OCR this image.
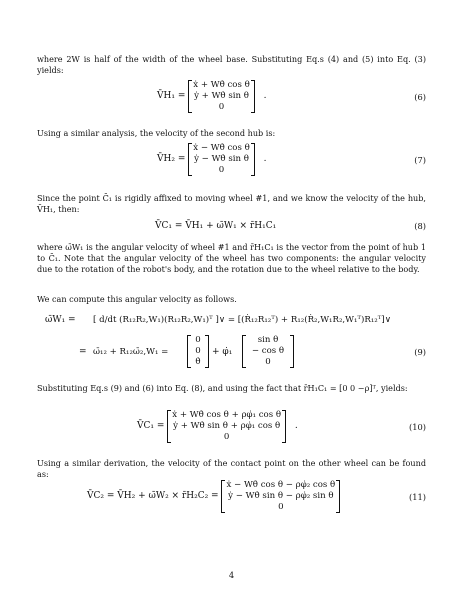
where 2W is half of the width of the wheel base. Substituting Eq.s (4) and (5) into Eq. (3) yields:

V̄H₁ =
ẋ + Wθ̇ cos θ
ẏ + Wθ̇ sin θ
0
.	(6)

Using a similar analysis, the velocity of the second hub is:

V̄H₂ =
ẋ − Wθ̇ cos θ
ẏ − Wθ̇ sin θ
0
.	(7)

Since the point C̄₁ is rigidly affixed to moving wheel #1, and we know the velocity of the hub, V̄H₁, then:

V̄C₁ = V̄H₁ + ω̄W₁ × r̄H₁C₁	(8)

where ω̄W₁ is the angular velocity of wheel #1 and r̄H₁C₁ is the vector from the point of hub 1 to C̄₁. Note that the angular velocity of the wheel has two components: the angular velocity due to the rotation of the robot's body, and the rotation due to the wheel relative to the body.

We can compute this angular velocity as follows.

ω̄W₁ = [ d/dt (R₁₂R₂,W₁)(R₁₂R₂,W₁)ᵀ ]∨ = [(Ṙ₁₂R₁₂ᵀ) + R₁₂(Ṙ₂,W₁R₂,W₁ᵀ)R₁₂ᵀ]∨
= ω̄₁₂ + R₁₂ω̄₂,W₁ =
0
0
θ̇
+ φ̇₁
sin θ
− cos θ
0
(9)

Substituting Eq.s (9) and (6) into Eq. (8), and using the fact that r̄H₁C₁ = [0 0 −ρ]ᵀ, yields:

V̄C₁ =
ẋ + Wθ̇ cos θ + ρφ̇₁ cos θ
ẏ + Wθ̇ sin θ + ρφ̇₁ cos θ
0
.	(10)

Using a similar derivation, the velocity of the contact point on the other wheel can be found as:

V̄C₂ = V̄H₂ + ω̄W₂ × r̄H₂C₂ =
ẋ − Wθ̇ cos θ − ρφ̇₂ cos θ
ẏ − Wθ̇ sin θ − ρφ̇₂ sin θ
0
(11)
4
